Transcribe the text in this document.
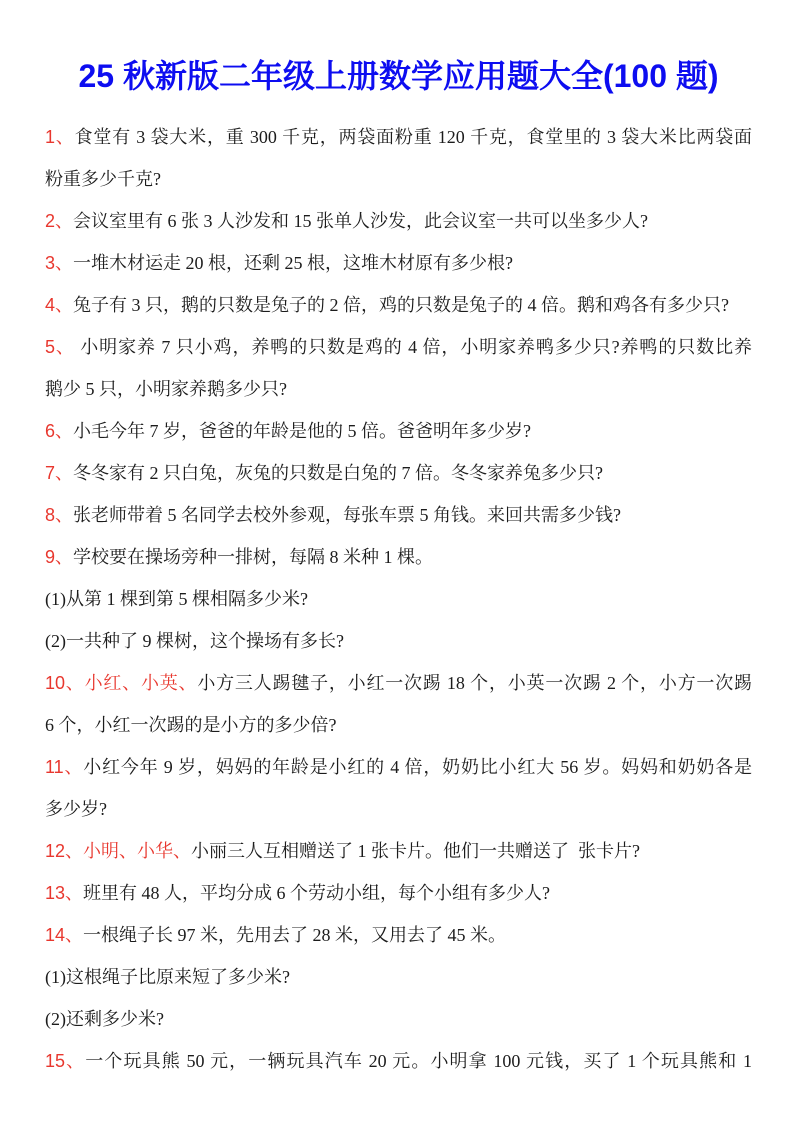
25 秋新版二年级上册数学应用题大全(100 题)
1、食堂有 3 袋大米，重 300 千克，两袋面粉重 120 千克，食堂里的 3 袋大米比两袋面
粉重多少千克?
2、会议室里有 6 张 3 人沙发和 15 张单人沙发，此会议室一共可以坐多少人?
3、一堆木材运走 20 根，还剩 25 根，这堆木材原有多少根?
4、兔子有 3 只，鹅的只数是兔子的 2 倍，鸡的只数是兔子的 4 倍。鹅和鸡各有多少只?
5、 小明家养 7 只小鸡，养鸭的只数是鸡的 4 倍，小明家养鸭多少只?养鸭的只数比养
鹅少 5 只，小明家养鹅多少只?
6、小毛今年 7 岁，爸爸的年龄是他的 5 倍。爸爸明年多少岁?
7、冬冬家有 2 只白兔，灰兔的只数是白兔的 7 倍。冬冬家养兔多少只?
8、张老师带着 5 名同学去校外参观，每张车票 5 角钱。来回共需多少钱?
9、学校要在操场旁种一排树，每隔 8 米种 1 棵。
(1)从第 1 棵到第 5 棵相隔多少米?
(2)一共种了 9 棵树，这个操场有多长?
10、小红、小英、小方三人踢毽子，小红一次踢 18 个，小英一次踢 2 个，小方一次踢
6 个，小红一次踢的是小方的多少倍?
11、小红今年 9 岁，妈妈的年龄是小红的 4 倍，奶奶比小红大 56 岁。妈妈和奶奶各是
多少岁?
12、小明、小华、小丽三人互相赠送了 1 张卡片。他们一共赠送了  张卡片?
13、班里有 48 人，平均分成 6 个劳动小组，每个小组有多少人?
14、一根绳子长 97 米，先用去了 28 米，又用去了 45 米。
(1)这根绳子比原来短了多少米?
(2)还剩多少米?
15、一个玩具熊 50 元，一辆玩具汽车 20 元。小明拿 100 元钱，买了 1 个玩具熊和 1
